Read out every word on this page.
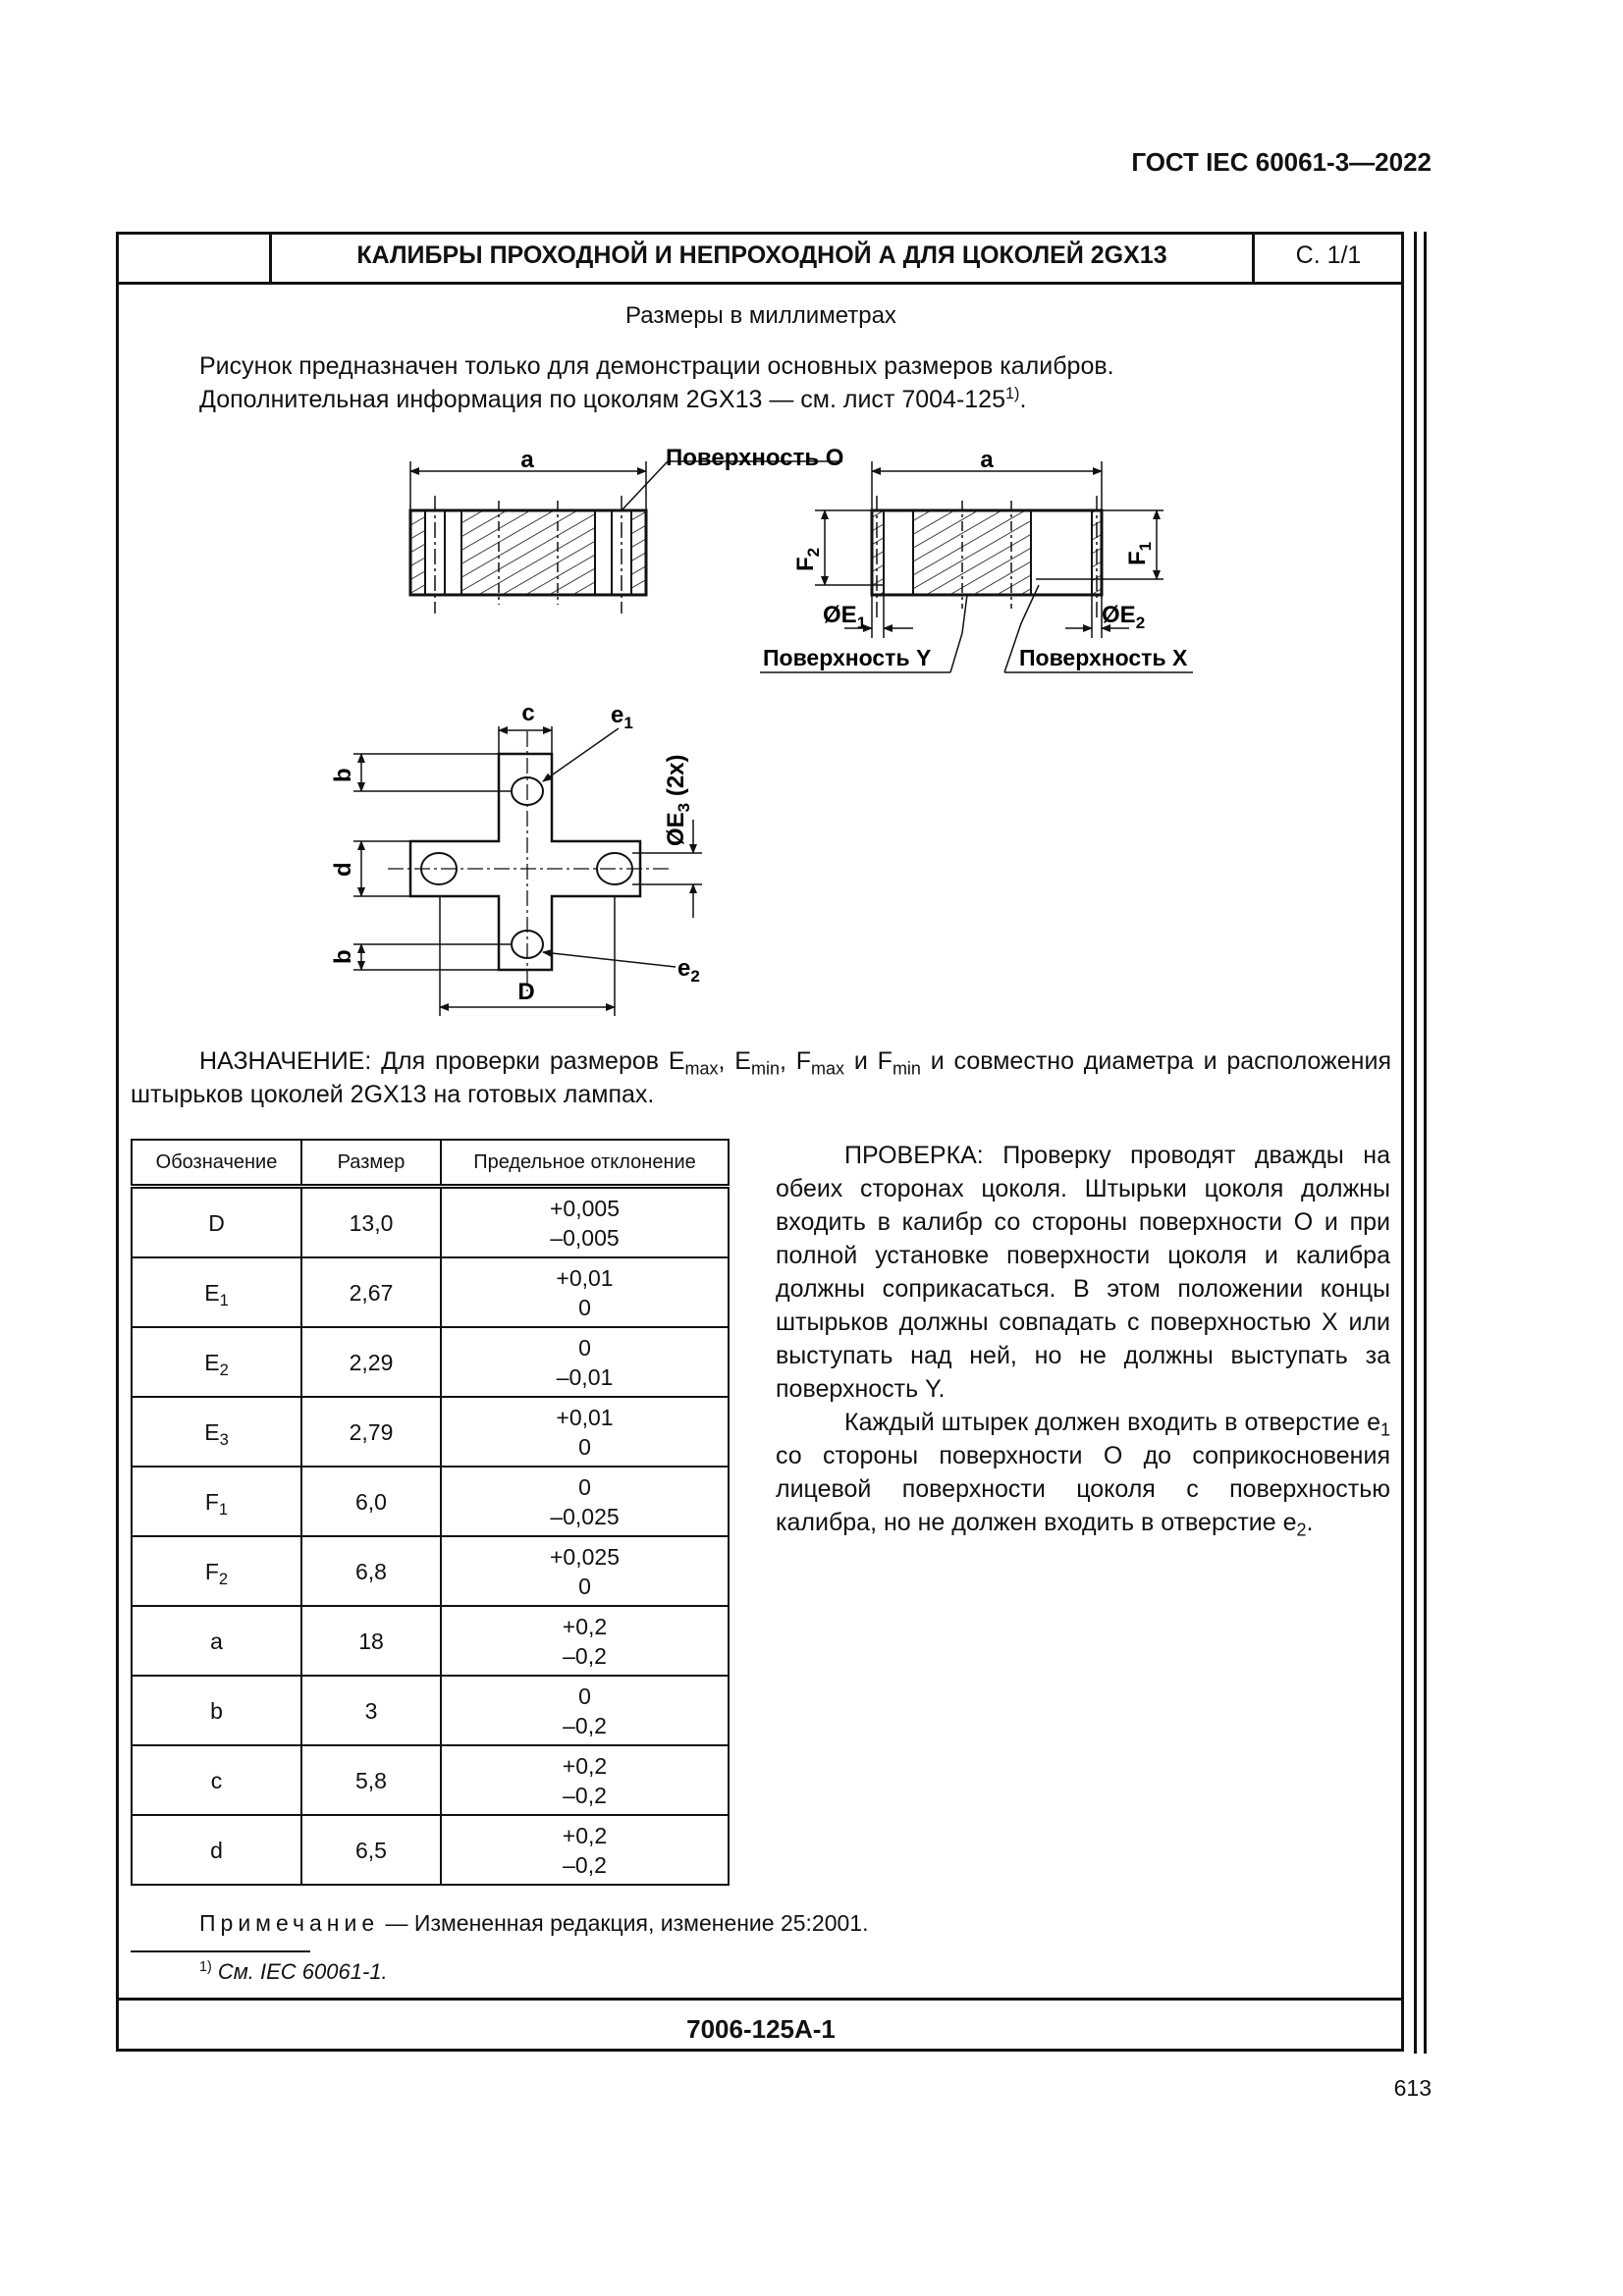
ГОСТ IEC 60061-3—2022
КАЛИБРЫ ПРОХОДНОЙ И НЕПРОХОДНОЙ А ДЛЯ ЦОКОЛЕЙ 2GX13	С. 1/1
Размеры в миллиметрах
Рисунок предназначен только для демонстрации основных размеров калибров.
Дополнительная информация по цоколям 2GX13 — см. лист 7004-125$^{1)}$.
a	Поверхность О	a
$F_2$	$F_1$
$ØE_1$	$ØE_2$
Поверхность Y	Поверхность X
c
b
d
b
D
$e_1$
$e_2$
$ØE_3$ (2x)
НАЗНАЧЕНИЕ: Для проверки размеров $E_{max}$, $E_{min}$, $F_{max}$ и $F_{min}$ и совместно диаметра и расположения штырьков цоколей 2GX13 на готовых лампах.
Обозначение	Размер	Предельное отклонение
D	13,0	+0,005
–0,005

$E_1$	2,67	+0,01
0

$E_2$	2,29	0
–0,01

$E_3$	2,79	+0,01
0

$F_1$	6,0	0
–0,025

$F_2$	6,8	+0,025
0

a	18	+0,2
–0,2

b	3	0
–0,2

c	5,8	+0,2
–0,2

d	6,5	+0,2
–0,2

ПРОВЕРКА: Проверку проводят дважды на обеих сторонах цоколя. Штырьки цоколя должны входить в калибр со стороны поверхности О и при полной установке поверхности цоколя и калибра должны соприкасаться. В этом положении концы штырьков должны совпадать с поверхностью X или выступать над ней, но не должны выступать за поверхность Y.

Каждый штырек должен входить в отверстие $e_1$ со стороны поверхности О до соприкосновения лицевой поверхности цоколя с поверхностью калибра, но не должен входить в отверстие $e_2$.

Примечание — Измененная редакция, изменение 25:2001.
$^{1)}$ См. IEC 60061-1.
7006-125A-1
613
